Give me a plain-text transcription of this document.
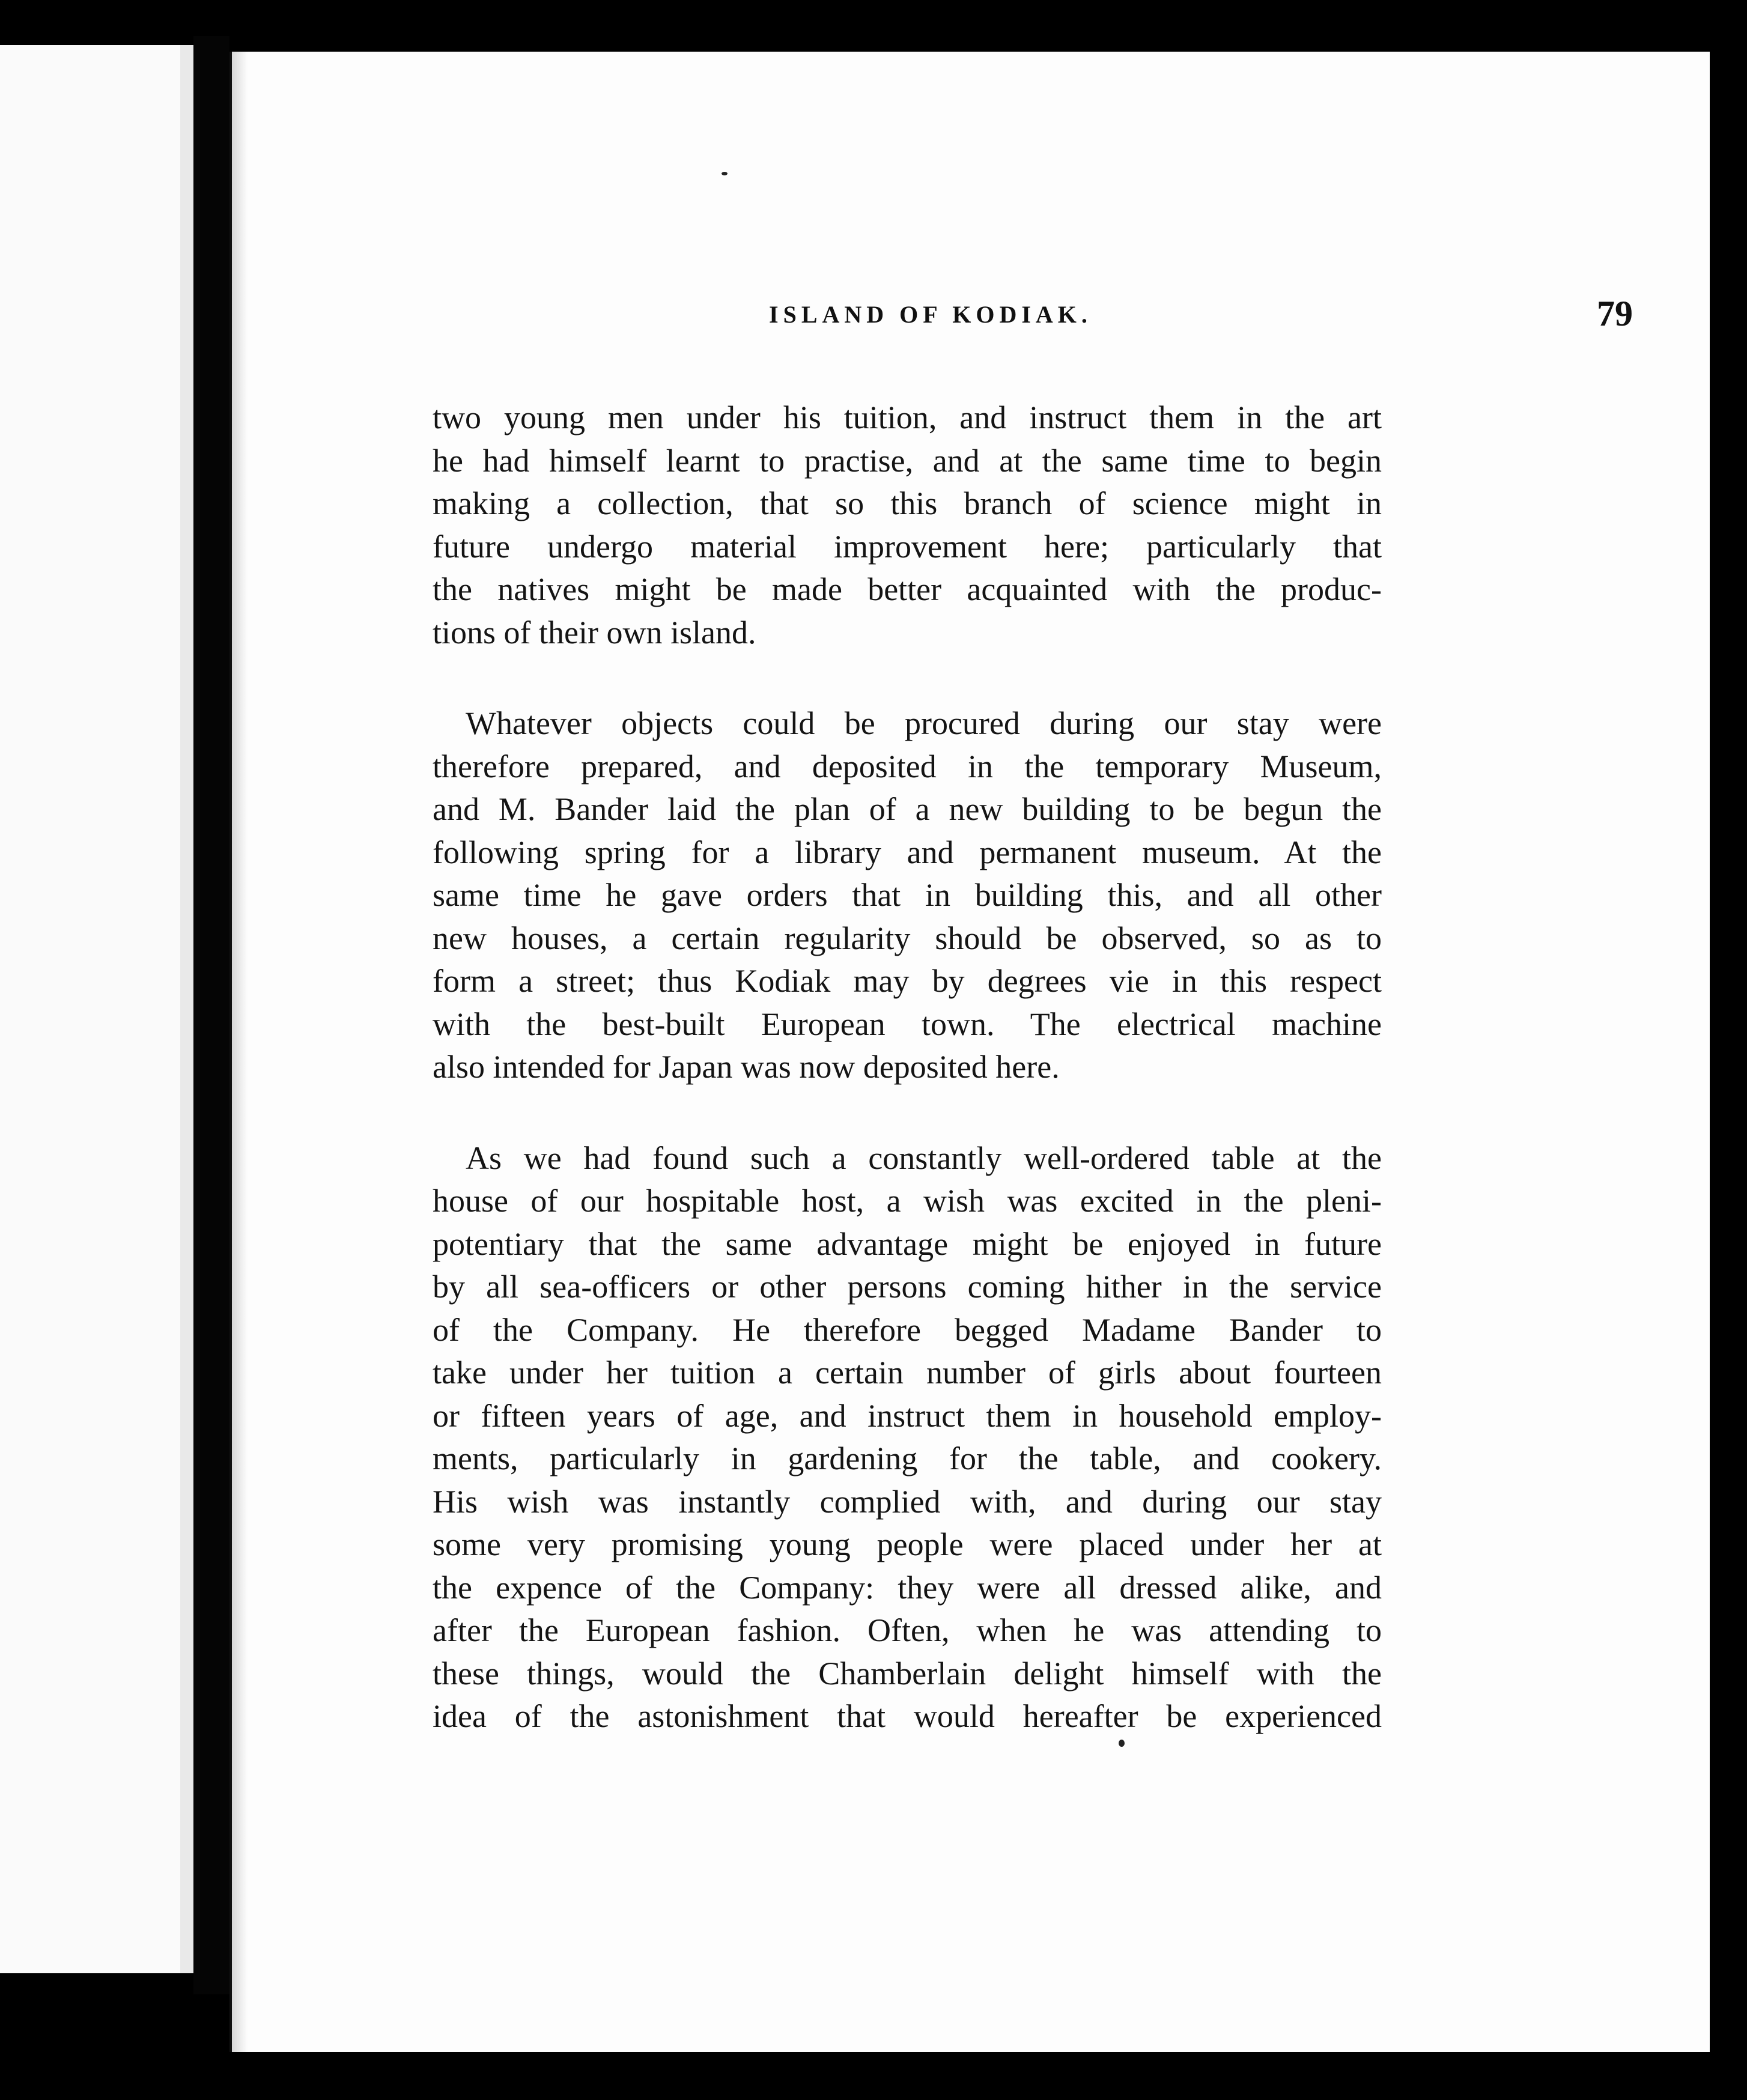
ISLAND OF KODIAK.	79
two young men under his tuition, and instruct them in the art
he had himself learnt to practise, and at the same time to begin
making a collection, that so this branch of science might in
future undergo material improvement here; particularly that
the natives might be made better acquainted with the produc-
tions of their own island.
Whatever objects could be procured during our stay were
therefore prepared, and deposited in the temporary Museum,
and M. Bander laid the plan of a new building to be begun the
following spring for a library and permanent museum. At the
same time he gave orders that in building this, and all other
new houses, a certain regularity should be observed, so as to
form a street; thus Kodiak may by degrees vie in this respect
with the best-built European town. The electrical machine
also intended for Japan was now deposited here.
As we had found such a constantly well-ordered table at the
house of our hospitable host, a wish was excited in the pleni-
potentiary that the same advantage might be enjoyed in future
by all sea-officers or other persons coming hither in the service
of the Company. He therefore begged Madame Bander to
take under her tuition a certain number of girls about fourteen
or fifteen years of age, and instruct them in household employ-
ments, particularly in gardening for the table, and cookery.
His wish was instantly complied with, and during our stay
some very promising young people were placed under her at
the expence of the Company: they were all dressed alike, and
after the European fashion. Often, when he was attending to
these things, would the Chamberlain delight himself with the
idea of the astonishment that would hereafter be experienced
